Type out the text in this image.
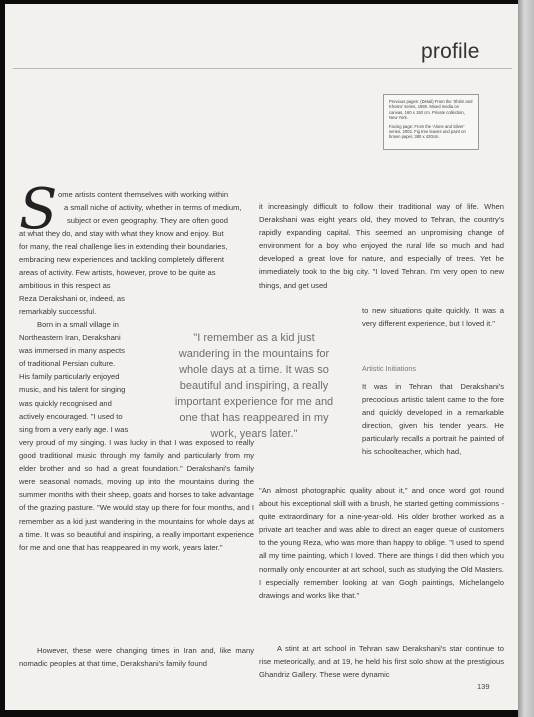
profile

Previous pages: (Detail) From the 'Shirin and Khosro' series, 1990. Mixed media on canvas, 160 x 150 cm. Private collection, New York.

Facing page: From the 'Alone and Silver' series, 2002. Fig tree leaves and paint on brown paper, 380 x 420cm.

S ome artists content themselves with working within

a small niche of activity, whether in terms of medium,

subject or even geography. They are often good

at what they do, and stay with what they know and enjoy. But

for many, the real challenge lies in extending their boundaries,

embracing new experiences and tackling completely different

areas of activity. Few artists, however, prove to be quite as

ambitious in this respect as

Reza Derakshani or, indeed, as

remarkably successful.

Born in a small village in

Northeastern Iran, Derakshani

was immersed in many aspects

of traditional Persian culture.

His family particularly enjoyed

music, and his talent for singing

was quickly recognised and

actively encouraged. "I used to

sing from a very early age. I was

very proud of my singing. I was lucky in that I was exposed to really good traditional music through my family and particularly from my elder brother and so had a great foundation." Derakshani's family were seasonal nomads, moving up into the mountains during the summer months with their sheep, goats and horses to take advantage of the grazing pasture. "We would stay up there for four months, and I remember as a kid just wandering in the mountains for whole days at a time. It was so beautiful and inspiring, a really important experience for me and one that has reappeared in my work, years later."

However, these were changing times in Iran and, like many nomadic peoples at that time, Derakshani's family found

"I remember as a kid just wandering in the mountains for whole days at a time. It was so beautiful and inspiring, a really important experience for me and one that has reappeared in my work, years later."

it increasingly difficult to follow their traditional way of life. When Derakshani was eight years old, they moved to Tehran, the country's rapidly expanding capital. This seemed an unpromising change of environment for a boy who enjoyed the rural life so much and had developed a great love for nature, and especially of trees. Yet he immediately took to the big city. "I loved Tehran. I'm very open to new things, and get used

to new situations quite quickly. It was a very different experience, but I loved it."

Artistic Initiations

It was in Tehran that Derakshani's precocious artistic talent came to the fore and quickly developed in a remarkable direction, given his tender years. He particularly recalls a portrait he painted of his schoolteacher, which had,

"An almost photographic quality about it," and once word got round about his exceptional skill with a brush, he started getting commissions - quite extraordinary for a nine-year-old. His older brother worked as a private art teacher and was able to direct an eager queue of customers to the young Reza, who was more than happy to oblige. "I used to spend all my time painting, which I loved. There are things I did then which you normally only encounter at art school, such as studying the Old Masters. I especially remember looking at van Gogh paintings, Michelangelo drawings and works like that."

A stint at art school in Tehran saw Derakshani's star continue to rise meteorically, and at 19, he held his first solo show at the prestigious Ghandriz Gallery. These were dynamic

139
